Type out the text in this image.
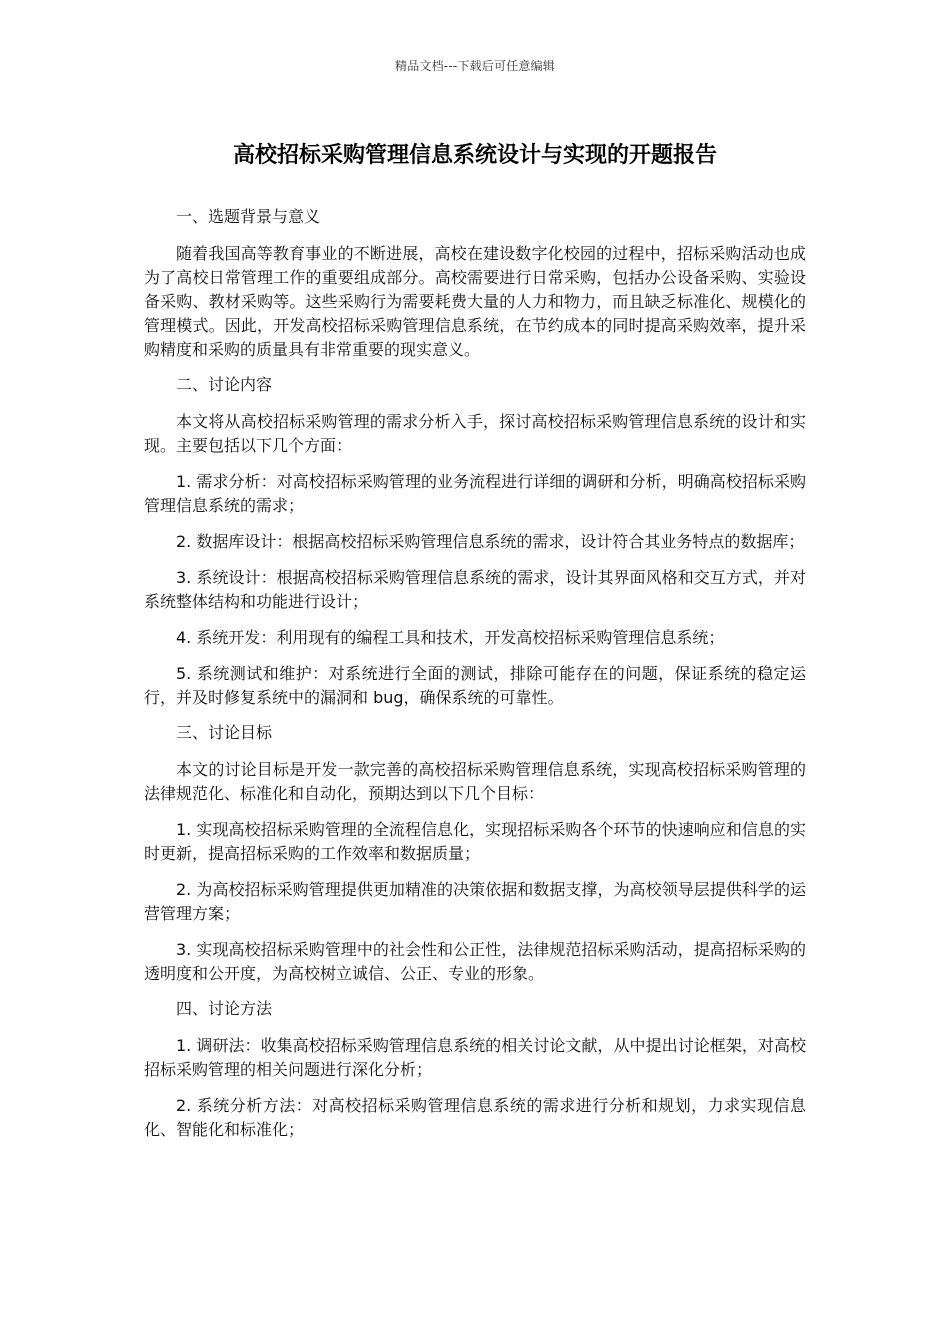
精品文档---下载后可任意编辑
高校招标采购管理信息系统设计与实现的开题报告

一、选题背景与意义

随着我国高等教育事业的不断进展，高校在建设数字化校园的过程中，招标采购活动也成为了高校日常管理工作的重要组成部分。高校需要进行日常采购，包括办公设备采购、实验设备采购、教材采购等。这些采购行为需要耗费大量的人力和物力，而且缺乏标准化、规模化的管理模式。因此，开发高校招标采购管理信息系统，在节约成本的同时提高采购效率，提升采购精度和采购的质量具有非常重要的现实意义。

二、讨论内容

本文将从高校招标采购管理的需求分析入手，探讨高校招标采购管理信息系统的设计和实现。主要包括以下几个方面：

1. 需求分析：对高校招标采购管理的业务流程进行详细的调研和分析，明确高校招标采购管理信息系统的需求；

2. 数据库设计：根据高校招标采购管理信息系统的需求，设计符合其业务特点的数据库；

3. 系统设计：根据高校招标采购管理信息系统的需求，设计其界面风格和交互方式，并对系统整体结构和功能进行设计；

4. 系统开发：利用现有的编程工具和技术，开发高校招标采购管理信息系统；

5. 系统测试和维护：对系统进行全面的测试，排除可能存在的问题，保证系统的稳定运行，并及时修复系统中的漏洞和 bug，确保系统的可靠性。

三、讨论目标

本文的讨论目标是开发一款完善的高校招标采购管理信息系统，实现高校招标采购管理的法律规范化、标准化和自动化，预期达到以下几个目标：

1. 实现高校招标采购管理的全流程信息化，实现招标采购各个环节的快速响应和信息的实时更新，提高招标采购的工作效率和数据质量；

2. 为高校招标采购管理提供更加精准的决策依据和数据支撑，为高校领导层提供科学的运营管理方案；

3. 实现高校招标采购管理中的社会性和公正性，法律规范招标采购活动，提高招标采购的透明度和公开度，为高校树立诚信、公正、专业的形象。

四、讨论方法

1. 调研法：收集高校招标采购管理信息系统的相关讨论文献，从中提出讨论框架，对高校招标采购管理的相关问题进行深化分析；

2. 系统分析方法：对高校招标采购管理信息系统的需求进行分析和规划，力求实现信息化、智能化和标准化；
